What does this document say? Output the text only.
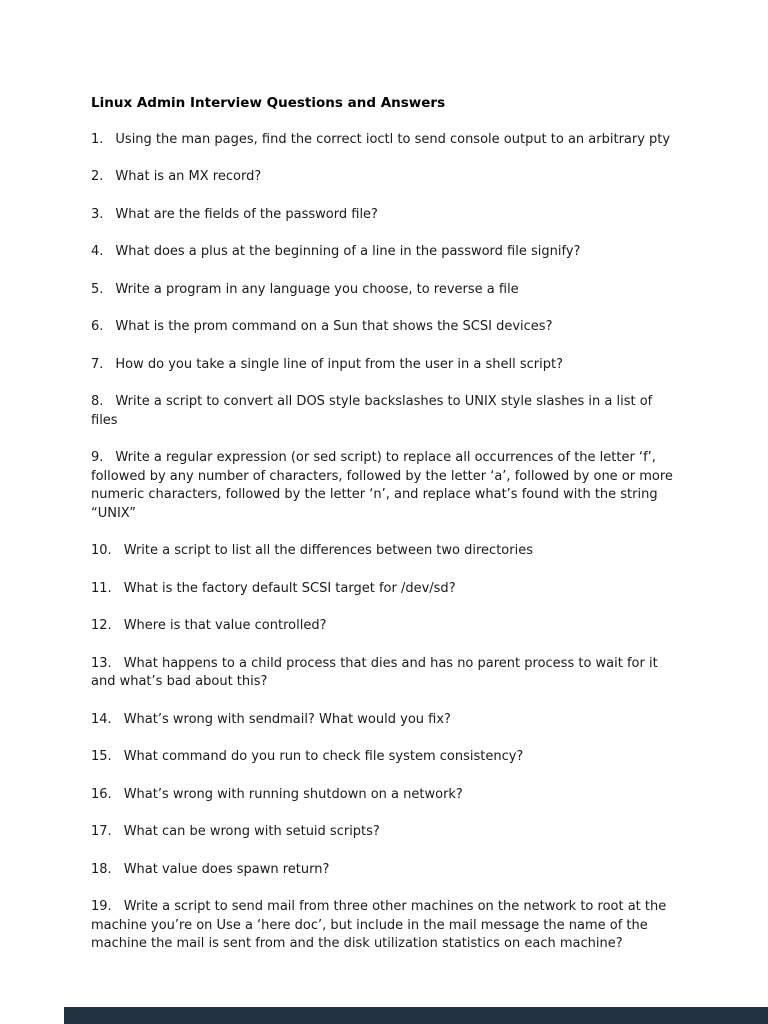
Linux Admin Interview Questions and Answers

1. Using the man pages, find the correct ioctl to send console output to an arbitrary pty

2. What is an MX record?

3. What are the fields of the password file?

4. What does a plus at the beginning of a line in the password file signify?

5. Write a program in any language you choose, to reverse a file

6. What is the prom command on a Sun that shows the SCSI devices?

7. How do you take a single line of input from the user in a shell script?

8. Write a script to convert all DOS style backslashes to UNIX style slashes in a list of files

9. Write a regular expression (or sed script) to replace all occurrences of the letter ‘f’, followed by any number of characters, followed by the letter ‘a’, followed by one or more numeric characters, followed by the letter ‘n’, and replace what’s found with the string “UNIX”

10. Write a script to list all the differences between two directories

11. What is the factory default SCSI target for /dev/sd?

12. Where is that value controlled?

13. What happens to a child process that dies and has no parent process to wait for it and what’s bad about this?

14. What’s wrong with sendmail? What would you fix?

15. What command do you run to check file system consistency?

16. What’s wrong with running shutdown on a network?

17. What can be wrong with setuid scripts?

18. What value does spawn return?

19. Write a script to send mail from three other machines on the network to root at the machine you’re on Use a ‘here doc’, but include in the mail message the name of the machine the mail is sent from and the disk utilization statistics on each machine?
